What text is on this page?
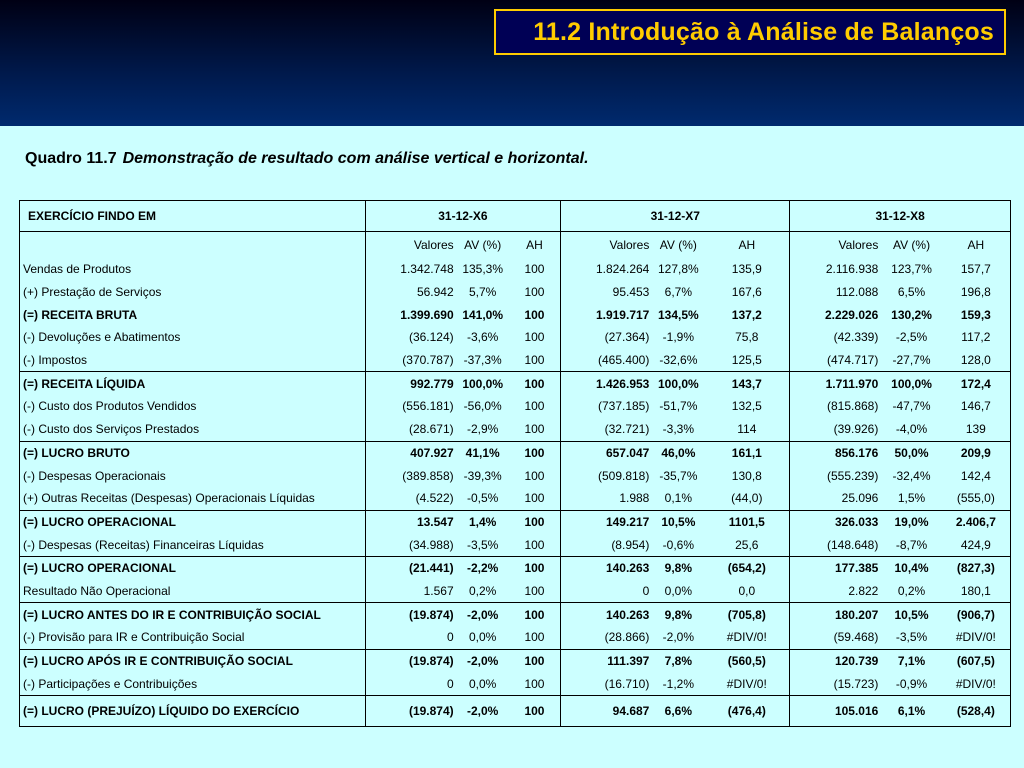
11.2 Introdução à Análise de Balanços
Quadro 11.7 Demonstração de resultado com análise vertical e horizontal.
EXERCÍCIO FINDO EM	31-12-X6			31-12-X7			31-12-X8		
	Valores	AV (%)	AH	Valores	AV (%)	AH	Valores	AV (%)	AH
Vendas de Produtos	1.342.748	135,3%	100	1.824.264	127,8%	135,9	2.116.938	123,7%	157,7
(+) Prestação de Serviços	56.942	5,7%	100	95.453	6,7%	167,6	112.088	6,5%	196,8
(=) RECEITA BRUTA	1.399.690	141,0%	100	1.919.717	134,5%	137,2	2.229.026	130,2%	159,3
(-) Devoluções e Abatimentos	(36.124)	-3,6%	100	(27.364)	-1,9%	75,8	(42.339)	-2,5%	117,2
(-) Impostos	(370.787)	-37,3%	100	(465.400)	-32,6%	125,5	(474.717)	-27,7%	128,0
(=) RECEITA LÍQUIDA	992.779	100,0%	100	1.426.953	100,0%	143,7	1.711.970	100,0%	172,4
(-) Custo dos Produtos Vendidos	(556.181)	-56,0%	100	(737.185)	-51,7%	132,5	(815.868)	-47,7%	146,7
(-) Custo dos Serviços Prestados	(28.671)	-2,9%	100	(32.721)	-3,3%	114	(39.926)	-4,0%	139
(=) LUCRO BRUTO	407.927	41,1%	100	657.047	46,0%	161,1	856.176	50,0%	209,9
(-) Despesas Operacionais	(389.858)	-39,3%	100	(509.818)	-35,7%	130,8	(555.239)	-32,4%	142,4
(+) Outras Receitas (Despesas) Operacionais Líquidas	(4.522)	-0,5%	100	1.988	0,1%	(44,0)	25.096	1,5%	(555,0)
(=) LUCRO OPERACIONAL	13.547	1,4%	100	149.217	10,5%	1101,5	326.033	19,0%	2.406,7
(-) Despesas (Receitas) Financeiras Líquidas	(34.988)	-3,5%	100	(8.954)	-0,6%	25,6	(148.648)	-8,7%	424,9
(=) LUCRO OPERACIONAL	(21.441)	-2,2%	100	140.263	9,8%	(654,2)	177.385	10,4%	(827,3)
Resultado Não Operacional	1.567	0,2%	100	0	0,0%	0,0	2.822	0,2%	180,1
(=) LUCRO ANTES DO IR E CONTRIBUIÇÃO SOCIAL	(19.874)	-2,0%	100	140.263	9,8%	(705,8)	180.207	10,5%	(906,7)
(-) Provisão para IR e Contribuição Social	0	0,0%	100	(28.866)	-2,0%	#DIV/0!	(59.468)	-3,5%	#DIV/0!
(=) LUCRO APÓS IR E CONTRIBUIÇÃO SOCIAL	(19.874)	-2,0%	100	111.397	7,8%	(560,5)	120.739	7,1%	(607,5)
(-) Participações e Contribuições	0	0,0%	100	(16.710)	-1,2%	#DIV/0!	(15.723)	-0,9%	#DIV/0!
(=) LUCRO (PREJUÍZO) LÍQUIDO DO EXERCÍCIO	(19.874)	-2,0%	100	94.687	6,6%	(476,4)	105.016	6,1%	(528,4)
